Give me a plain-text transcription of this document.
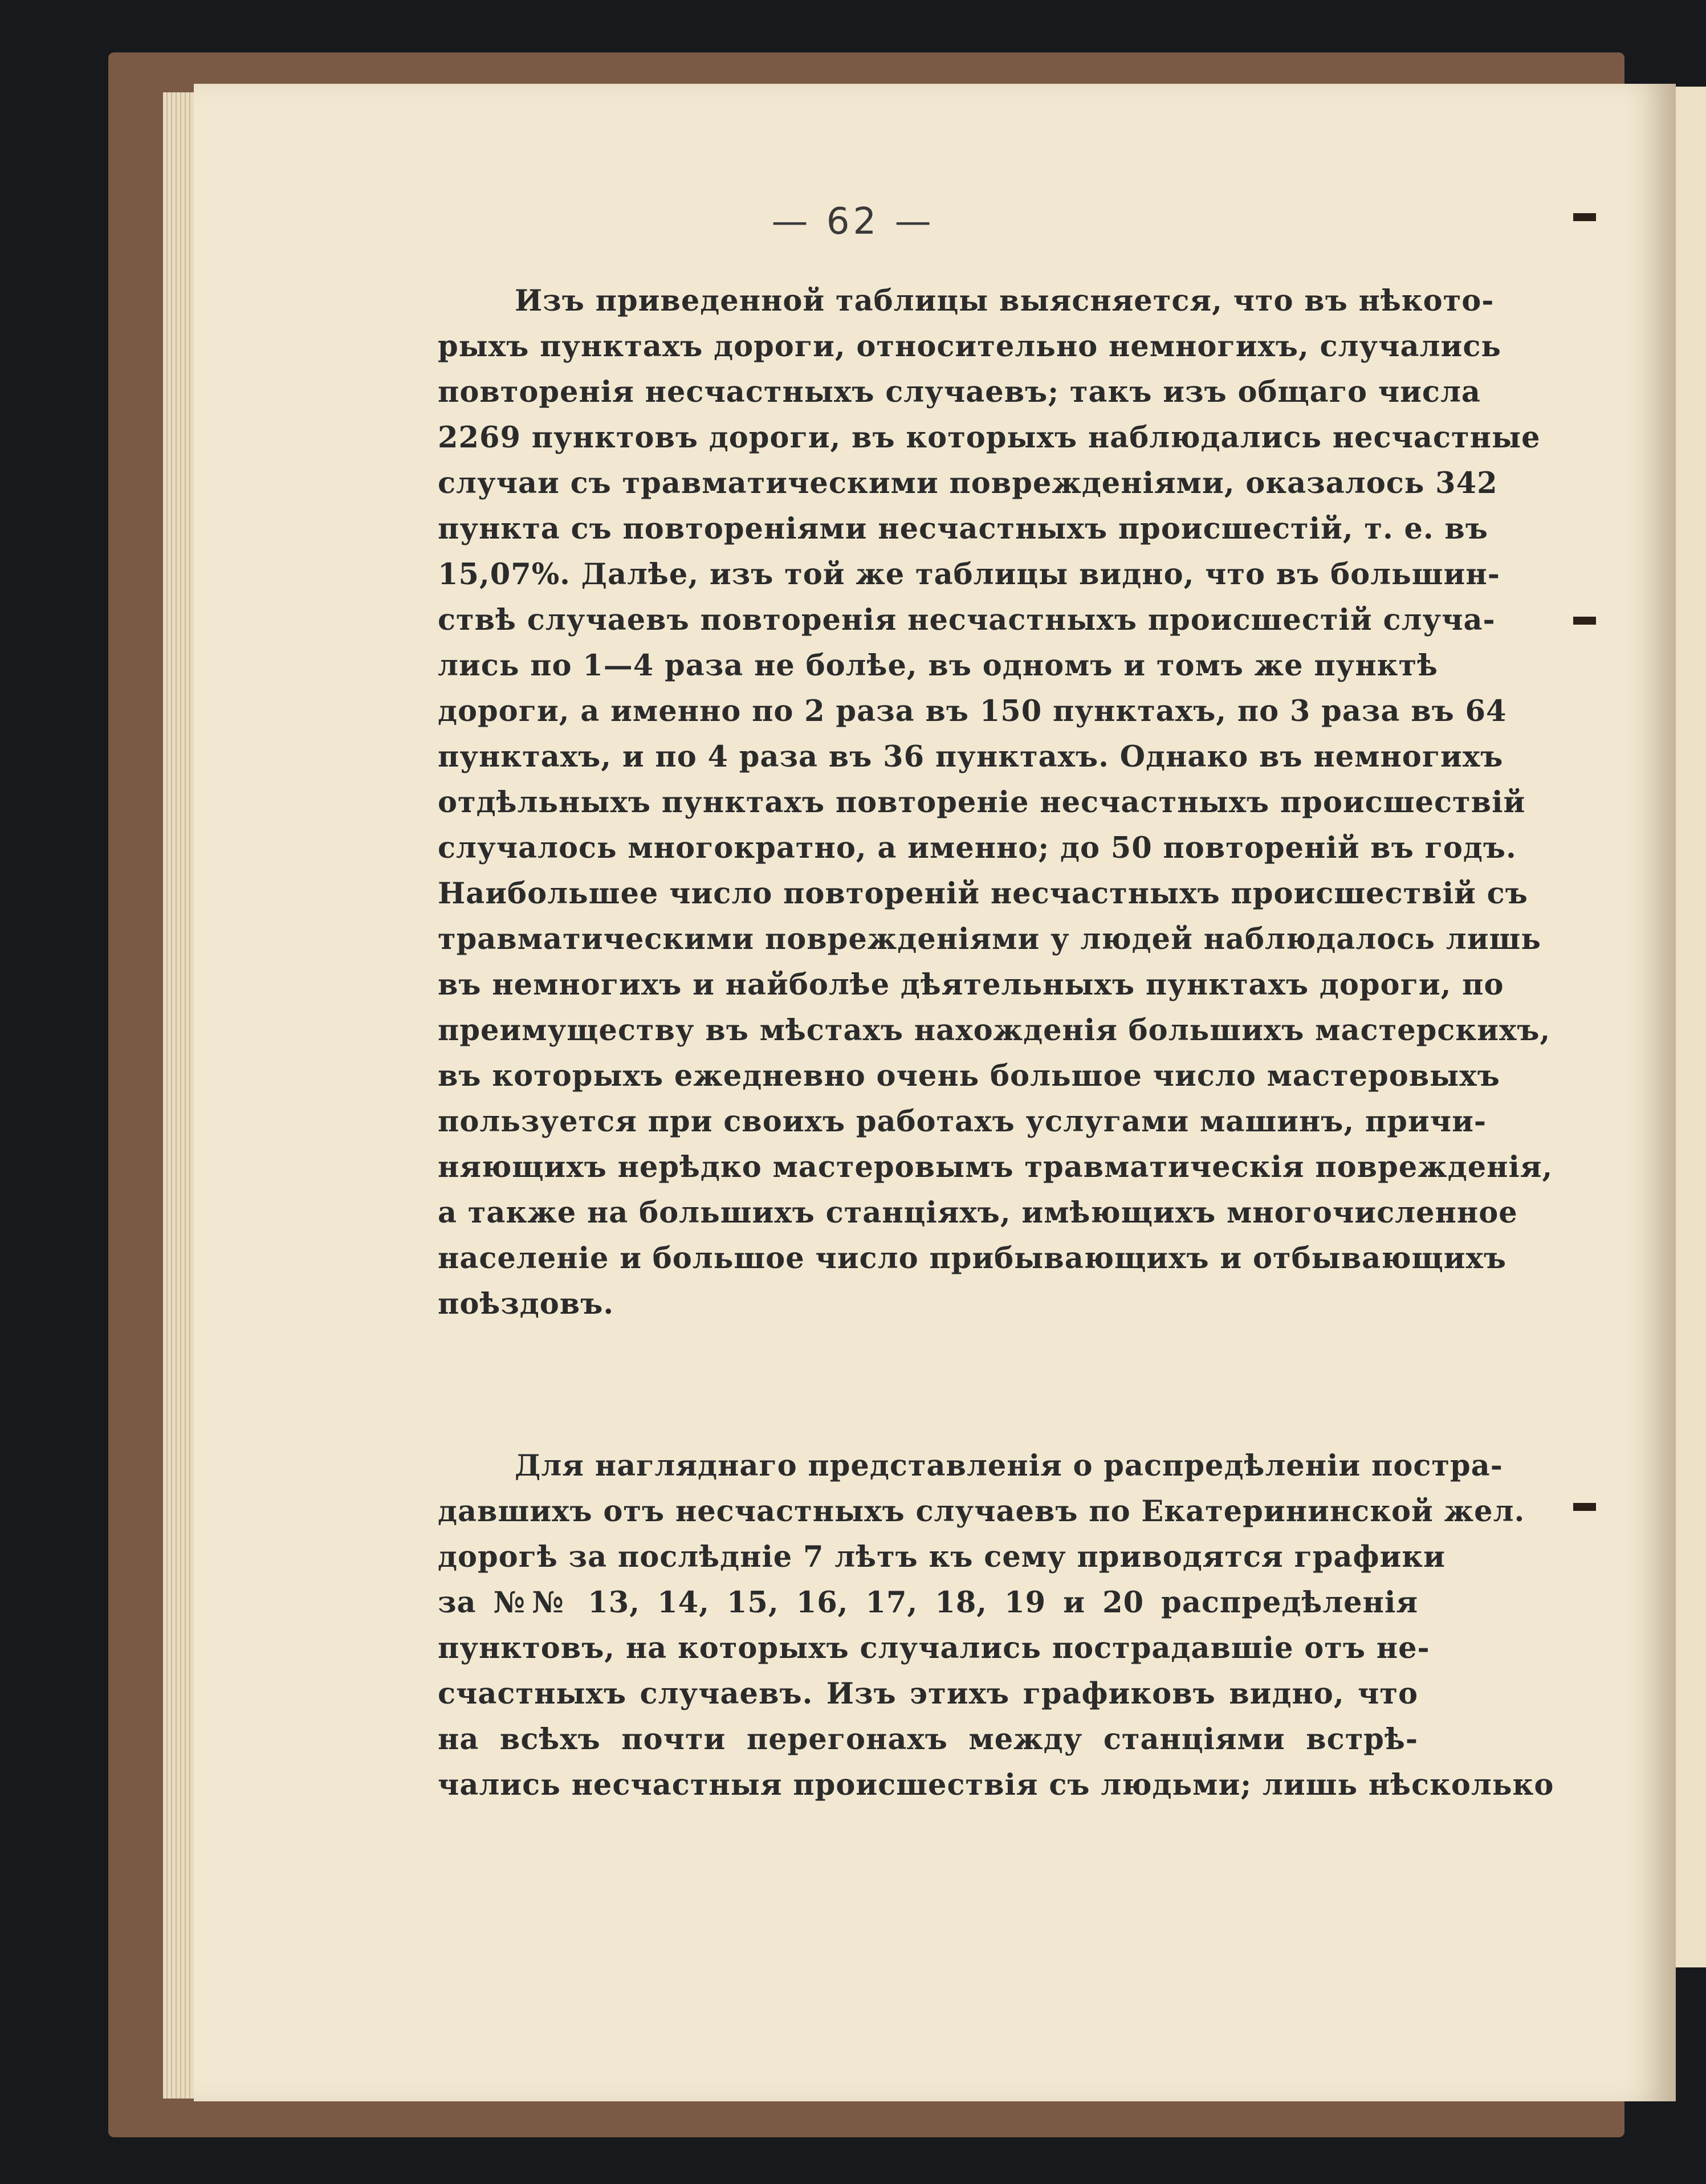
— 62 —
Изъ приведенной таблицы выясняется, что въ нѣкото-
рыхъ пунктахъ дороги, относительно немногихъ, случались
повторенія несчастныхъ случаевъ; такъ изъ общаго числа
2269 пунктовъ дороги, въ которыхъ наблюдались несчастные
случаи съ травматическими поврежденіями, оказалось 342
пункта съ повтореніями несчастныхъ происшестій, т. е. въ
15,07%. Далѣе, изъ той же таблицы видно, что въ большин-
ствѣ случаевъ повторенія несчастныхъ происшестій случа-
лись по 1—4 раза не болѣе, въ одномъ и томъ же пунктѣ
дороги, а именно по 2 раза въ 150 пунктахъ, по 3 раза въ 64
пунктахъ, и по 4 раза въ 36 пунктахъ. Однако въ немногихъ
отдѣльныхъ пунктахъ повтореніе несчастныхъ происшествій
случалось многократно, а именно; до 50 повтореній въ годъ.
Наибольшее число повтореній несчастныхъ происшествій съ
травматическими поврежденіями у людей наблюдалось лишь
въ немногихъ и найболѣе дѣятельныхъ пунктахъ дороги, по
преимуществу въ мѣстахъ нахожденія большихъ мастерскихъ,
въ которыхъ ежедневно очень большое число мастеровыхъ
пользуется при своихъ работахъ услугами машинъ, причи-
няющихъ нерѣдко мастеровымъ травматическія поврежденія,
а также на большихъ станціяхъ, имѣющихъ многочисленное
населеніе и большое число прибывающихъ и отбывающихъ
поѣздовъ.
Для нагляднаго представленія о распредѣленіи постра-
давшихъ отъ несчастныхъ случаевъ по Екатерининской жел.
дорогѣ за послѣдніе 7 лѣтъ къ сему приводятся графики
за №№ 13, 14, 15, 16, 17, 18, 19 и 20 распредѣленія
пунктовъ, на которыхъ случались пострадавшіе отъ не-
счастныхъ случаевъ. Изъ этихъ графиковъ видно, что
на всѣхъ почти перегонахъ между станціями встрѣ-
чались несчастныя происшествія съ людьми; лишь нѣсколько
